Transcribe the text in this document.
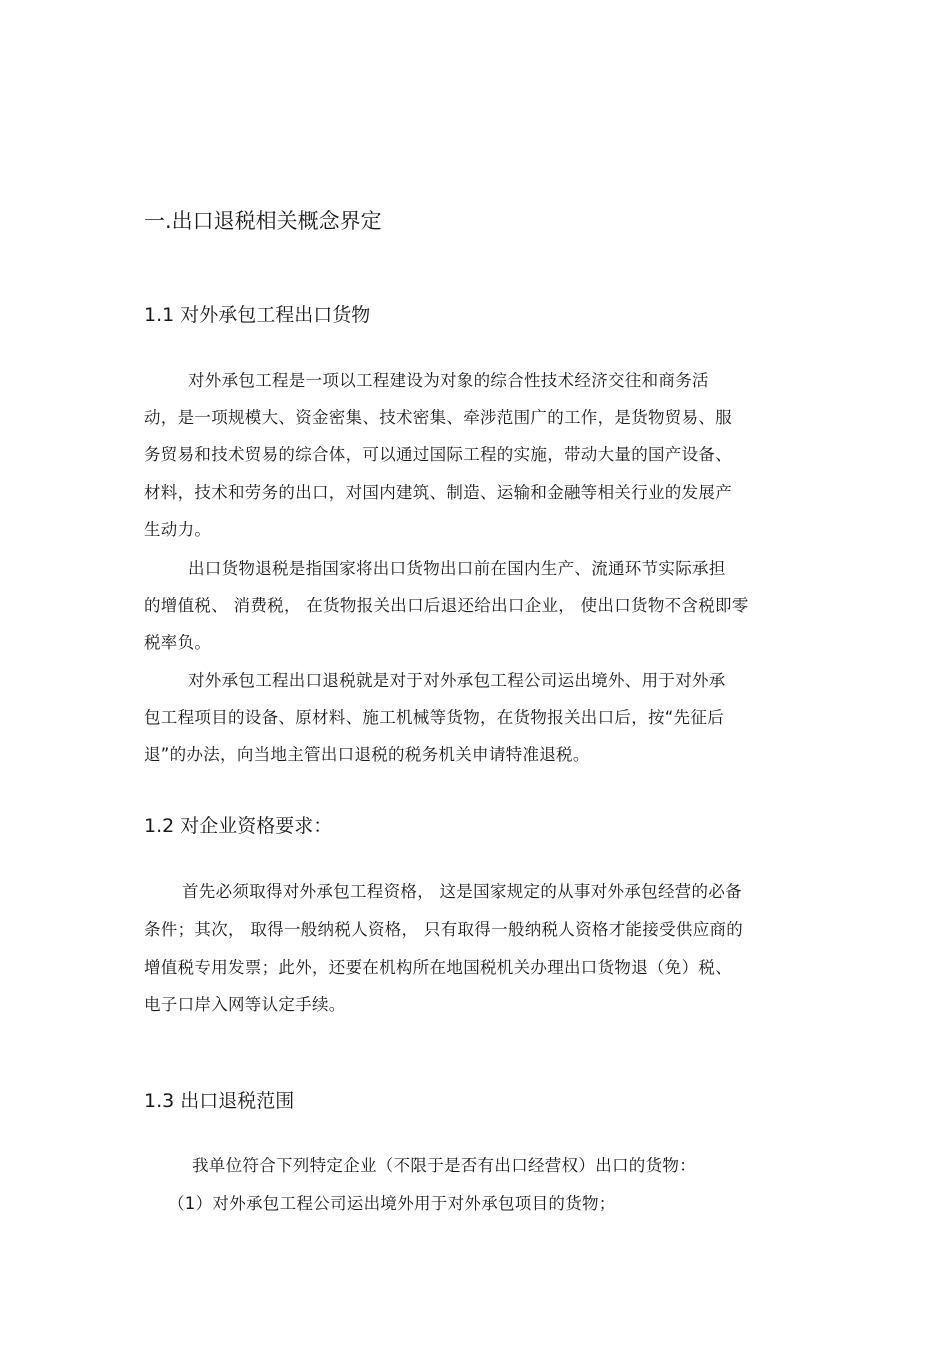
一.出口退税相关概念界定
1.1 对外承包工程出口货物
对外承包工程是一项以工程建设为对象的综合性技术经济交往和商务活
动，是一项规模大、资金密集、技术密集、牵涉范围广的工作，是货物贸易、服
务贸易和技术贸易的综合体，可以通过国际工程的实施，带动大量的国产设备、
材料，技术和劳务的出口，对国内建筑、制造、运输和金融等相关行业的发展产
生动力。
出口货物退税是指国家将出口货物出口前在国内生产、流通环节实际承担
的增值税、 消费税， 在货物报关出口后退还给出口企业， 使出口货物不含税即零
税率负。
对外承包工程出口退税就是对于对外承包工程公司运出境外、用于对外承
包工程项目的设备、原材料、施工机械等货物，在货物报关出口后，按“先征后
退”的办法，向当地主管出口退税的税务机关申请特准退税。
1.2 对企业资格要求：
首先必须取得对外承包工程资格， 这是国家规定的从事对外承包经营的必备
条件；其次， 取得一般纳税人资格， 只有取得一般纳税人资格才能接受供应商的
增值税专用发票；此外，还要在机构所在地国税机关办理出口货物退（免）税、
电子口岸入网等认定手续。
1.3 出口退税范围
我单位符合下列特定企业（不限于是否有出口经营权）出口的货物：
（1）对外承包工程公司运出境外用于对外承包项目的货物；
